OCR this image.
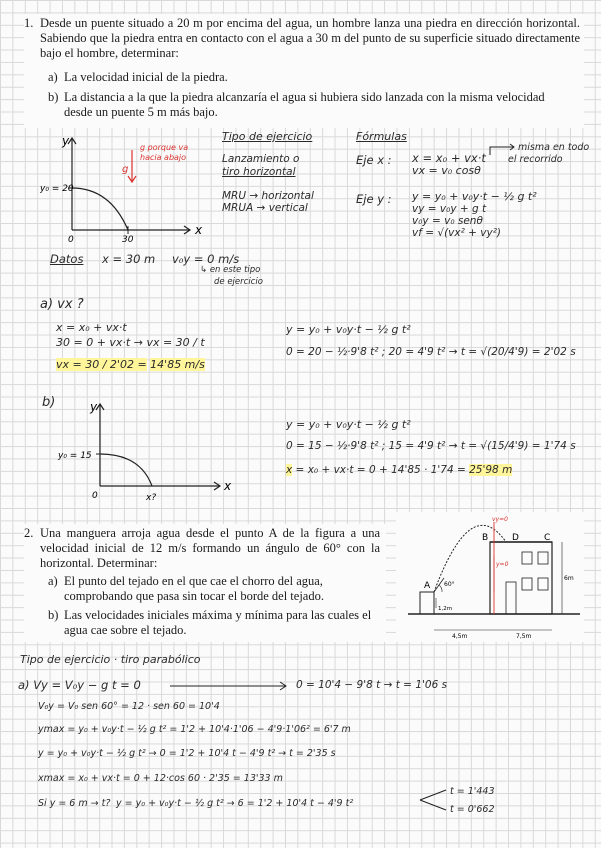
1. Desde un puente situado a 20 m por encima del agua, un hombre lanza una piedra en dirección horizontal. Sabiendo que la piedra entra en contacto con el agua a 30 m del punto de su superficie situado directamente bajo el hombre, determinar:
a) La velocidad inicial de la piedra.
b) La distancia a la que la piedra alcanzaría el agua si hubiera sido lanzada con la misma velocidad desde un puente 5 m más bajo.
y
x
y₀ = 20
0	30
g
g porque va
hacia abajo
Tipo de ejercicio
Lanzamiento o
tiro horizontal
MRU → horizontal
MRUA → vertical
Fórmulas
Eje x : x = x₀ + vx·t
vx = v₀ cosθ
misma en todo
el recorrido
Eje y : y = y₀ + v₀y·t − ½ g t²
vy = v₀y + g t
v₀y = v₀ senθ
vf = √(vx² + vy²)
Datos x = 30 m v₀y = 0 m/s
↳ en este tipo
de ejercicio
a) vx ?
x = x₀ + vx·t
30 = 0 + vx·t → vx = 30 / t
vx = 30 / 2'02 = 14'85 m/s
y = y₀ + v₀y·t − ½ g t²
0 = 20 − ½·9'8 t² ; 20 = 4'9 t² → t = √(20/4'9) = 2'02 s
b)	y
x
y₀ = 15
0	x?
y = y₀ + v₀y·t − ½ g t²
0 = 15 − ½·9'8 t² ; 15 = 4'9 t² → t = √(15/4'9) = 1'74 s
x = x₀ + vx·t = 0 + 14'85 · 1'74 = 25'98 m
2. Una manguera arroja agua desde el punto A de la figura a una velocidad inicial de 12 m/s formando un ángulo de 60° con la horizontal. Determinar:
a) El punto del tejado en el que cae el chorro del agua, comprobando que pasa sin tocar el borde del tejado.
b) Las velocidades iniciales máxima y mínima para las cuales el agua cae sobre el tejado.
vy=0
y=0
60°
A
B	D	C
1,2m
6m
4,5m	7,5m
Tipo de ejercicio · tiro parabólico
a) Vy = V₀y − g t = 0	0 = 10'4 − 9'8 t → t = 1'06 s
V₀y = V₀ sen 60° = 12 · sen 60 = 10'4
ymax = y₀ + v₀y·t − ½ g t² = 1'2 + 10'4·1'06 − 4'9·1'06² = 6'7 m
y = y₀ + v₀y·t − ½ g t² → 0 = 1'2 + 10'4 t − 4'9 t² → t = 2'35 s
xmax = x₀ + vx·t = 0 + 12·cos 60 · 2'35 = 13'33 m
Si y = 6 m → t? y = y₀ + v₀y·t − ½ g t² → 6 = 1'2 + 10'4 t − 4'9 t²
t = 1'443
t = 0'662
